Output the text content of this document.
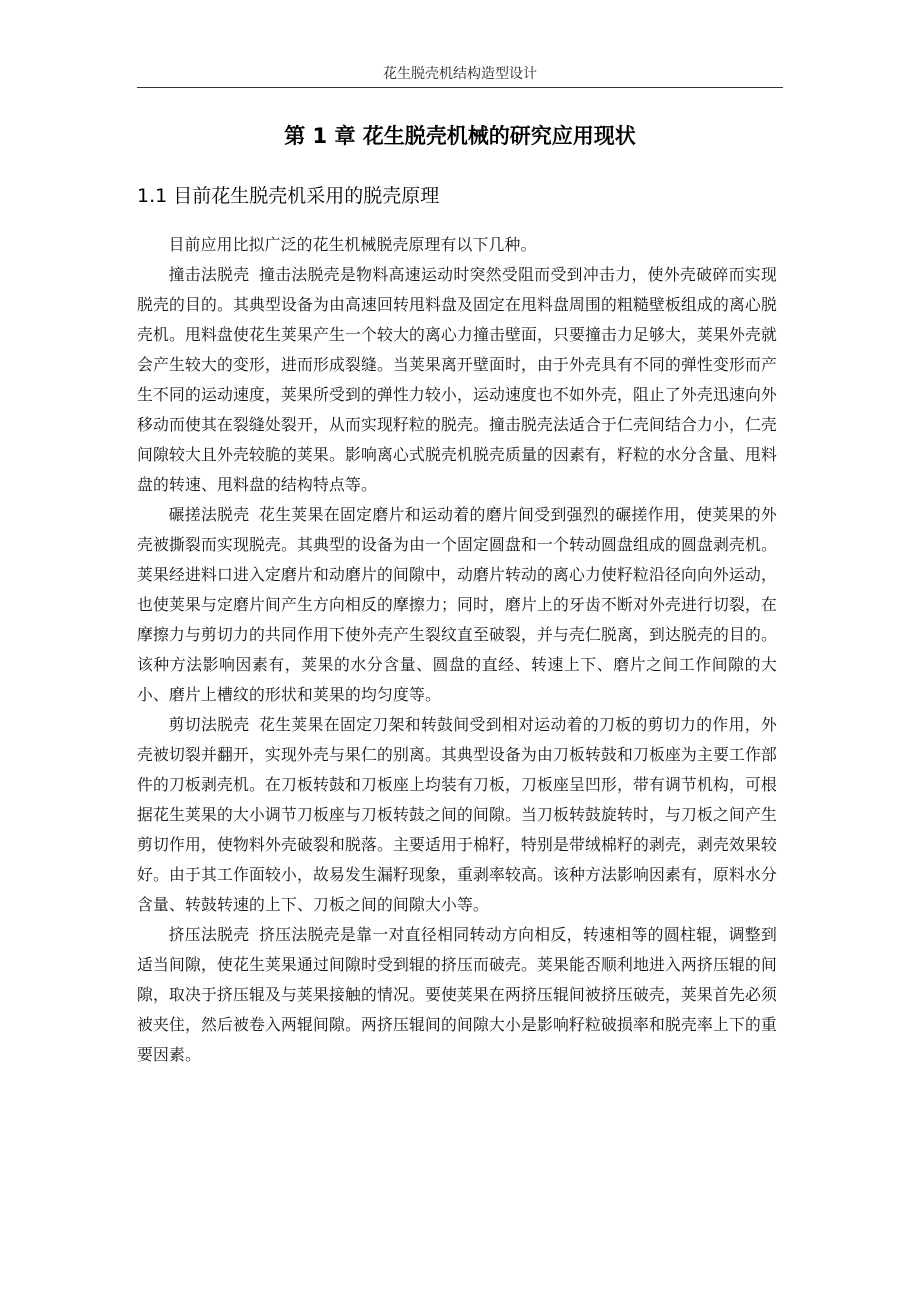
花生脱壳机结构造型设计
第 1 章 花生脱壳机械的研究应用现状
1.1 目前花生脱壳机采用的脱壳原理

目前应用比拟广泛的花生机械脱壳原理有以下几种。

撞击法脱壳 撞击法脱壳是物料高速运动时突然受阻而受到冲击力，使外壳破碎而实现脱壳的目的。其典型设备为由高速回转甩料盘及固定在甩料盘周围的粗糙壁板组成的离心脱壳机。甩料盘使花生荚果产生一个较大的离心力撞击壁面，只要撞击力足够大，荚果外壳就会产生较大的变形，进而形成裂缝。当荚果离开壁面时，由于外壳具有不同的弹性变形而产生不同的运动速度，荚果所受到的弹性力较小，运动速度也不如外壳，阻止了外壳迅速向外移动而使其在裂缝处裂开，从而实现籽粒的脱壳。撞击脱壳法适合于仁壳间结合力小，仁壳间隙较大且外壳较脆的荚果。影响离心式脱壳机脱壳质量的因素有，籽粒的水分含量、甩料盘的转速、甩料盘的结构特点等。

碾搓法脱壳 花生荚果在固定磨片和运动着的磨片间受到强烈的碾搓作用，使荚果的外壳被撕裂而实现脱壳。其典型的设备为由一个固定圆盘和一个转动圆盘组成的圆盘剥壳机。荚果经进料口进入定磨片和动磨片的间隙中，动磨片转动的离心力使籽粒沿径向向外运动，也使荚果与定磨片间产生方向相反的摩擦力；同时，磨片上的牙齿不断对外壳进行切裂，在摩擦力与剪切力的共同作用下使外壳产生裂纹直至破裂，并与壳仁脱离，到达脱壳的目的。该种方法影响因素有，荚果的水分含量、圆盘的直经、转速上下、磨片之间工作间隙的大小、磨片上槽纹的形状和荚果的均匀度等。

剪切法脱壳 花生荚果在固定刀架和转鼓间受到相对运动着的刀板的剪切力的作用，外壳被切裂并翻开，实现外壳与果仁的别离。其典型设备为由刀板转鼓和刀板座为主要工作部件的刀板剥壳机。在刀板转鼓和刀板座上均装有刀板，刀板座呈凹形，带有调节机构，可根据花生荚果的大小调节刀板座与刀板转鼓之间的间隙。当刀板转鼓旋转时，与刀板之间产生剪切作用，使物料外壳破裂和脱落。主要适用于棉籽，特别是带绒棉籽的剥壳，剥壳效果较好。由于其工作面较小，故易发生漏籽现象，重剥率较高。该种方法影响因素有，原料水分含量、转鼓转速的上下、刀板之间的间隙大小等。

挤压法脱壳 挤压法脱壳是靠一对直径相同转动方向相反，转速相等的圆柱辊，调整到适当间隙，使花生荚果通过间隙时受到辊的挤压而破壳。荚果能否顺利地进入两挤压辊的间隙，取决于挤压辊及与荚果接触的情况。要使荚果在两挤压辊间被挤压破壳，荚果首先必须被夹住，然后被卷入两辊间隙。两挤压辊间的间隙大小是影响籽粒破损率和脱壳率上下的重要因素。
